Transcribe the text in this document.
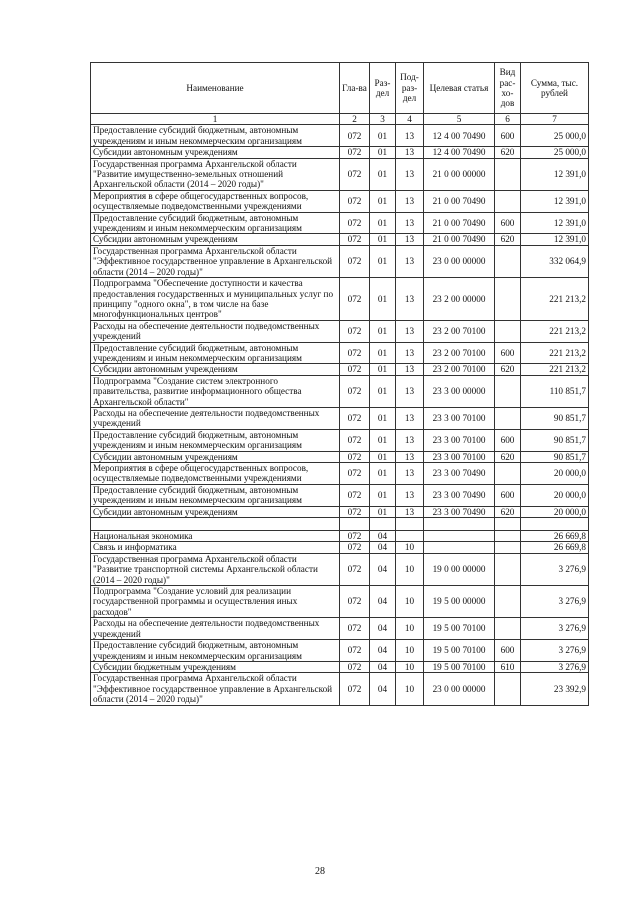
Наименование	Гла-ва	Раз-дел	Под-раз-дел	Целевая статья	Вид рас-хо-дов	Сумма, тыс. рублей
1	2	3	4	5	6	7
Предоставление субсидий бюджетным, автономным учреждениям и иным некоммерческим организациям	072	01	13	12 4 00 70490	600	25 000,0
Субсидии автономным учреждениям	072	01	13	12 4 00 70490	620	25 000,0
Государственная программа Архангельской области "Развитие имущественно-земельных отношений Архангельской области (2014 – 2020 годы)"	072	01	13	21 0 00 00000		12 391,0
Мероприятия в сфере общегосударственных вопросов, осуществляемые подведомственными учреждениями	072	01	13	21 0 00 70490		12 391,0
Предоставление субсидий бюджетным, автономным учреждениям и иным некоммерческим организациям	072	01	13	21 0 00 70490	600	12 391,0
Субсидии автономным учреждениям	072	01	13	21 0 00 70490	620	12 391,0
Государственная программа Архангельской области "Эффективное государственное управление в Архангельской области (2014 – 2020 годы)"	072	01	13	23 0 00 00000		332 064,9
Подпрограмма "Обеспечение доступности и качества предоставления государственных и муниципальных услуг по принципу "одного окна", в том числе на базе многофункциональных центров"	072	01	13	23 2 00 00000		221 213,2
Расходы на обеспечение деятельности подведомственных учреждений	072	01	13	23 2 00 70100		221 213,2
Предоставление субсидий бюджетным, автономным учреждениям и иным некоммерческим организациям	072	01	13	23 2 00 70100	600	221 213,2
Субсидии автономным учреждениям	072	01	13	23 2 00 70100	620	221 213,2
Подпрограмма "Создание систем электронного правительства, развитие информационного общества Архангельской области"	072	01	13	23 3 00 00000		110 851,7
Расходы на обеспечение деятельности подведомственных учреждений	072	01	13	23 3 00 70100		90 851,7
Предоставление субсидий бюджетным, автономным учреждениям и иным некоммерческим организациям	072	01	13	23 3 00 70100	600	90 851,7
Субсидии автономным учреждениям	072	01	13	23 3 00 70100	620	90 851,7
Мероприятия в сфере общегосударственных вопросов, осуществляемые подведомственными учреждениями	072	01	13	23 3 00 70490		20 000,0
Предоставление субсидий бюджетным, автономным учреждениям и иным некоммерческим организациям	072	01	13	23 3 00 70490	600	20 000,0
Субсидии автономным учреждениям	072	01	13	23 3 00 70490	620	20 000,0

Национальная экономика	072	04				26 669,8
Связь и информатика	072	04	10			26 669,8
Государственная программа Архангельской области "Развитие транспортной системы Архангельской области (2014 – 2020 годы)"	072	04	10	19 0 00 00000		3 276,9
Подпрограмма "Создание условий для реализации государственной программы и осуществления иных расходов"	072	04	10	19 5 00 00000		3 276,9
Расходы на обеспечение деятельности подведомственных учреждений	072	04	10	19 5 00 70100		3 276,9
Предоставление субсидий бюджетным, автономным учреждениям и иным некоммерческим организациям	072	04	10	19 5 00 70100	600	3 276,9
Субсидии бюджетным учреждениям	072	04	10	19 5 00 70100	610	3 276,9
Государственная программа Архангельской области "Эффективное государственное управление в Архангельской области (2014 – 2020 годы)"	072	04	10	23 0 00 00000		23 392,9
28
